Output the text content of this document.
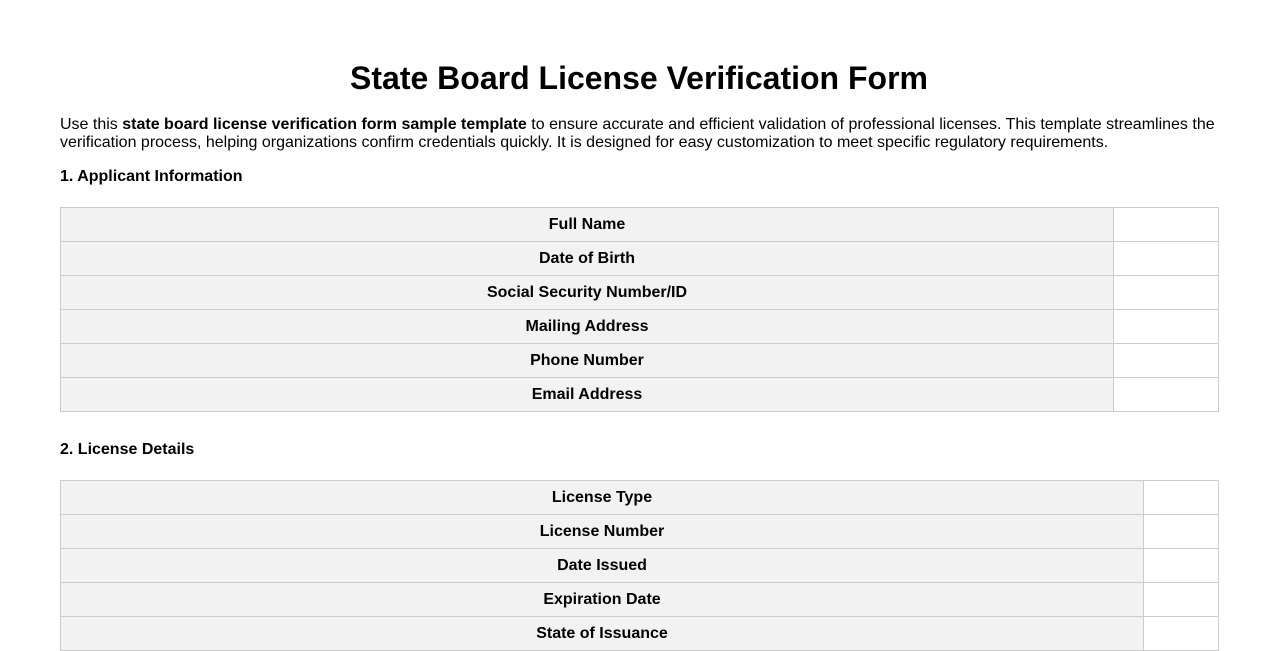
State Board License Verification Form

Use this state board license verification form sample template to ensure accurate and efficient validation of professional licenses. This template streamlines the verification process, helping organizations confirm credentials quickly. It is designed for easy customization to meet specific regulatory requirements.

1. Applicant Information
Full Name	
Date of Birth	
Social Security Number/ID	
Mailing Address	
Phone Number	
Email Address	
2. License Details
License Type	
License Number	
Date Issued	
Expiration Date	
State of Issuance	
